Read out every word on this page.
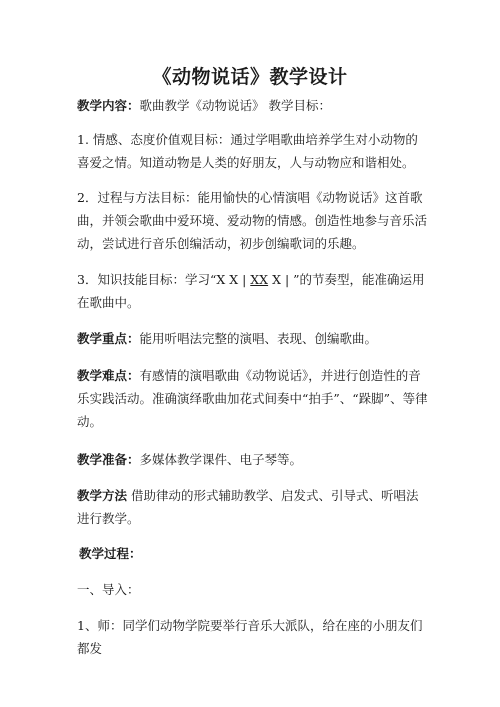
《动物说话》教学设计
教学内容：歌曲教学《动物说话》 教学目标：
1. 情感、态度价值观目标：通过学唱歌曲培养学生对小动物的喜爱之情。知道动物是人类的好朋友，人与动物应和谐相处。
2．过程与方法目标：能用愉快的心情演唱《动物说话》这首歌曲，并领会歌曲中爱环境、爱动物的情感。创造性地参与音乐活动，尝试进行音乐创编活动，初步创编歌词的乐趣。
3．知识技能目标：学习“X X | XX X | ”的节奏型，能准确运用在歌曲中。
教学重点：能用听唱法完整的演唱、表现、创编歌曲。
教学难点：有感情的演唱歌曲《动物说话》，并进行创造性的音乐实践活动。准确演绎歌曲加花式间奏中“拍手”、“跺脚”、等律动。
教学准备：多媒体教学课件、电子琴等。
教学方法 借助律动的形式辅助教学、启发式、引导式、听唱法进行教学。
教学过程：
一、导入：
1、师：同学们动物学院要举行音乐大派队，给在座的小朋友们都发
